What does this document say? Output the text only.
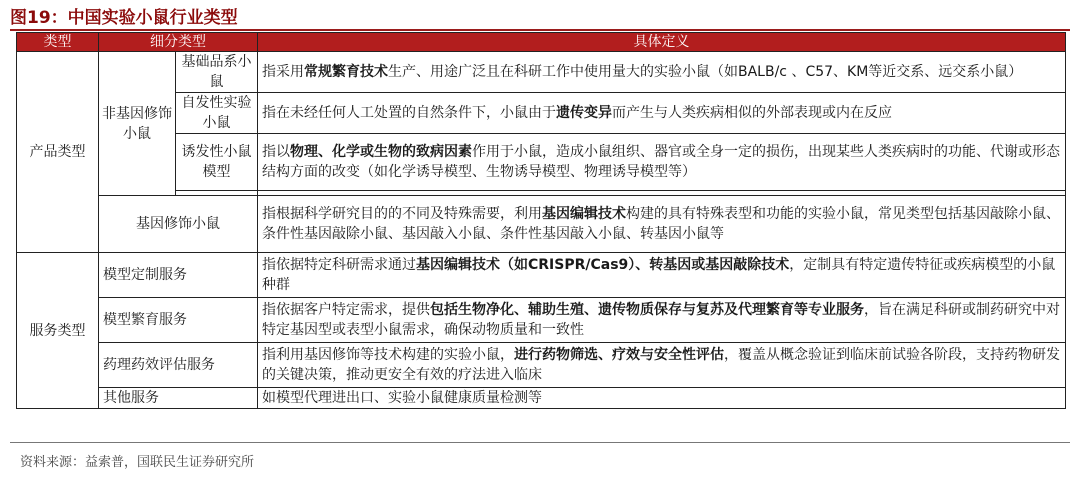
图19：中国实验小鼠行业类型
类型	细分类型		具体定义
产品类型	非基因修饰小鼠	基础品系小鼠	指采用常规繁育技术生产、用途广泛且在科研工作中使用量大的实验小鼠（如BALB/c 、C57、KM等近交系、远交系小鼠）
		自发性实验小鼠	指在未经任何人工处置的自然条件下，小鼠由于遗传变异而产生与人类疾病相似的外部表现或内在反应
		诱发性小鼠模型	指以物理、化学或生物的致病因素作用于小鼠，造成小鼠组织、器官或全身一定的损伤，出现某些人类疾病时的功能、代谢或形态结构方面的改变（如化学诱导模型、生物诱导模型、物理诱导模型等）

	基因修饰小鼠		指根据科学研究目的的不同及特殊需要，利用基因编辑技术构建的具有特殊表型和功能的实验小鼠，常见类型包括基因敲除小鼠、条件性基因敲除小鼠、基因敲入小鼠、条件性基因敲入小鼠、转基因小鼠等
服务类型	模型定制服务		指依据特定科研需求通过基因编辑技术（如CRISPR/Cas9）、转基因或基因敲除技术，定制具有特定遗传特征或疾病模型的小鼠种群
	模型繁育服务		指依据客户特定需求，提供包括生物净化、辅助生殖、遗传物质保存与复苏及代理繁育等专业服务，旨在满足科研或制药研究中对特定基因型或表型小鼠需求，确保动物质量和一致性
	药理药效评估服务		指利用基因修饰等技术构建的实验小鼠，进行药物筛选、疗效与安全性评估，覆盖从概念验证到临床前试验各阶段，支持药物研发的关键决策，推动更安全有效的疗法进入临床
	其他服务		如模型代理进出口、实验小鼠健康质量检测等
资料来源：益索普，国联民生证券研究所
